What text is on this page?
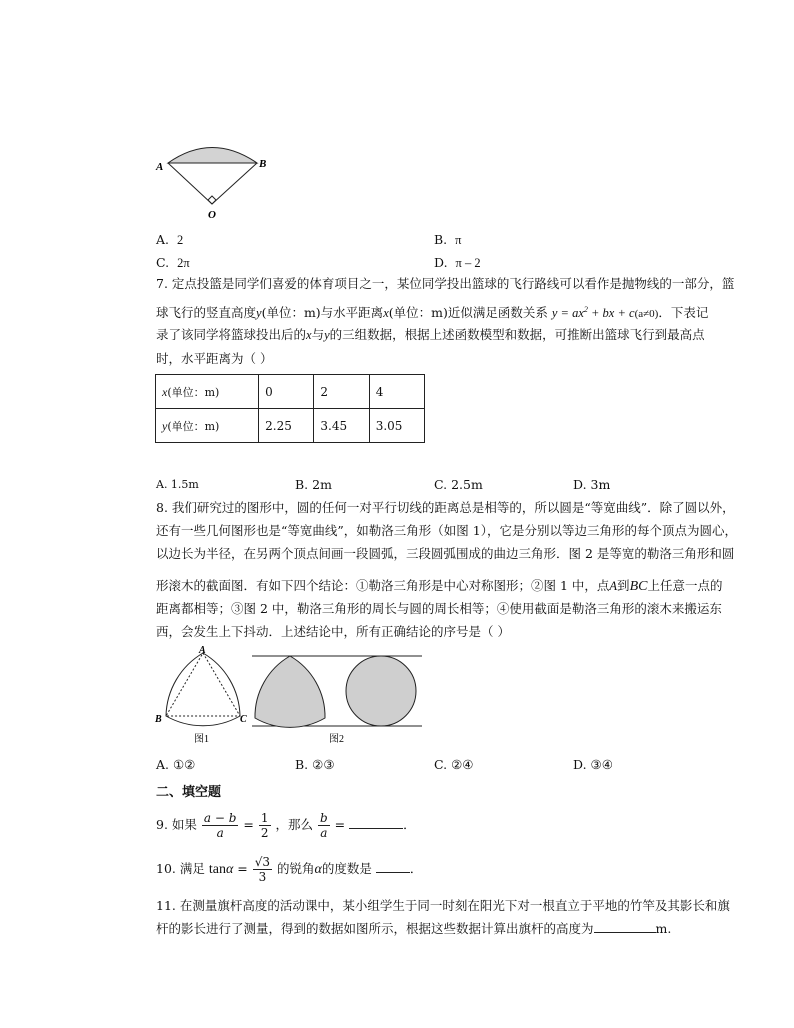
A	B
O
A. 2	B. π
C. 2π	D. π – 2
7. 定点投篮是同学们喜爱的体育项目之一，某位同学投出篮球的飞行路线可以看作是抛物线的一部分，篮
球飞行的竖直高度y(单位：m)与水平距离x(单位：m)近似满足函数关系 $y = ax^2$ + bx + c(a≠0)．下表记
录了该同学将篮球投出后的x与y的三组数据，根据上述函数模型和数据，可推断出篮球飞行到最高点
时，水平距离为（ ）
x(单位：m)	0	2	4
y(单位：m)	2.25	3.45	3.05
A. 1.5m	B. 2m	C. 2.5m	D. 3m
8. 我们研究过的图形中，圆的任何一对平行切线的距离总是相等的，所以圆是“等宽曲线”．除了圆以外，
还有一些几何图形也是“等宽曲线”，如勒洛三角形（如图 1），它是分别以等边三角形的每个顶点为圆心，
以边长为半径，在另两个顶点间画一段圆弧，三段圆弧围成的曲边三角形．图 2 是等宽的勒洛三角形和圆
形滚木的截面图．有如下四个结论：①勒洛三角形是中心对称图形；②图 1 中，点A到BC上任意一点的
距离都相等；③图 2 中，勒洛三角形的周长与圆的周长相等；④使用截面是勒洛三角形的滚木来搬运东
西，会发生上下抖动．上述结论中，所有正确结论的序号是（ ）
A
B	C
图1	图2
A. ①②	B. ②③	C. ②④	D. ③④
二、填空题
9. 如果 $\frac{a - b}{a} = \frac{1}{2}$ ，那么 $\frac{b}{a}$ =	．
10. 满足 $\tan\alpha = \frac{√3}{3}$ 的锐角α的度数是	．
11. 在测量旗杆高度的活动课中，某小组学生于同一时刻在阳光下对一根直立于平地的竹竿及其影长和旗
杆的影长进行了测量，得到的数据如图所示，根据这些数据计算出旗杆的高度为	m.
